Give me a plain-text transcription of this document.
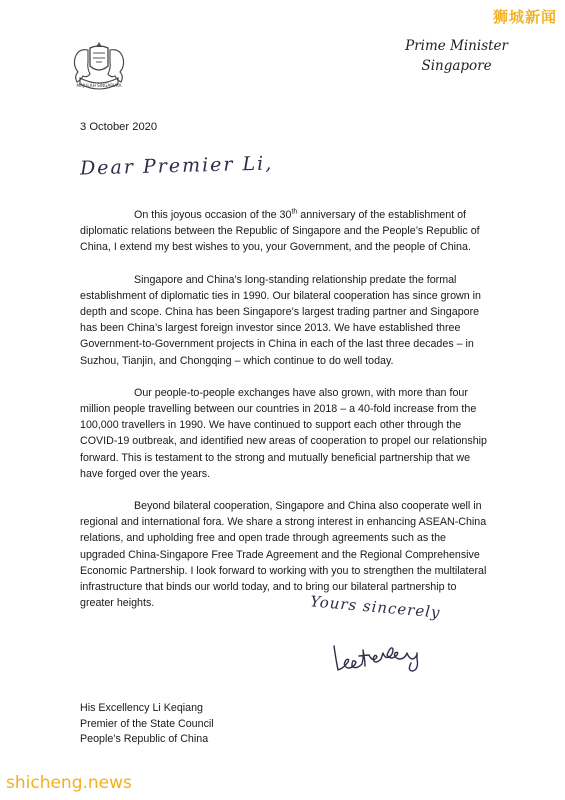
狮城新闻
MAJULAH SINGAPURA
Prime Minister
Singapore
3 October 2020
Dear Premier Li,

On this joyous occasion of the 30th anniversary of the establishment of diplomatic relations between the Republic of Singapore and the People’s Republic of China, I extend my best wishes to you, your Government, and the people of China.

Singapore and China’s long-standing relationship predate the formal establishment of diplomatic ties in 1990. Our bilateral cooperation has since grown in depth and scope. China has been Singapore’s largest trading partner and Singapore has been China’s largest foreign investor since 2013. We have established three Government-to-Government projects in China in each of the last three decades – in Suzhou, Tianjin, and Chongqing – which continue to do well today.

Our people-to-people exchanges have also grown, with more than four million people travelling between our countries in 2018 – a 40-fold increase from the 100,000 travellers in 1990. We have continued to support each other through the COVID-19 outbreak, and identified new areas of cooperation to propel our relationship forward. This is testament to the strong and mutually beneficial partnership that we have forged over the years.

Beyond bilateral cooperation, Singapore and China also cooperate well in regional and international fora. We share a strong interest in enhancing ASEAN-China relations, and upholding free and open trade through agreements such as the upgraded China-Singapore Free Trade Agreement and the Regional Comprehensive Economic Partnership. I look forward to working with you to strengthen the multilateral infrastructure that binds our world today, and to bring our bilateral partnership to greater heights.	Yours sincerely
His Excellency Li Keqiang
Premier of the State Council
People’s Republic of China
shicheng.news
